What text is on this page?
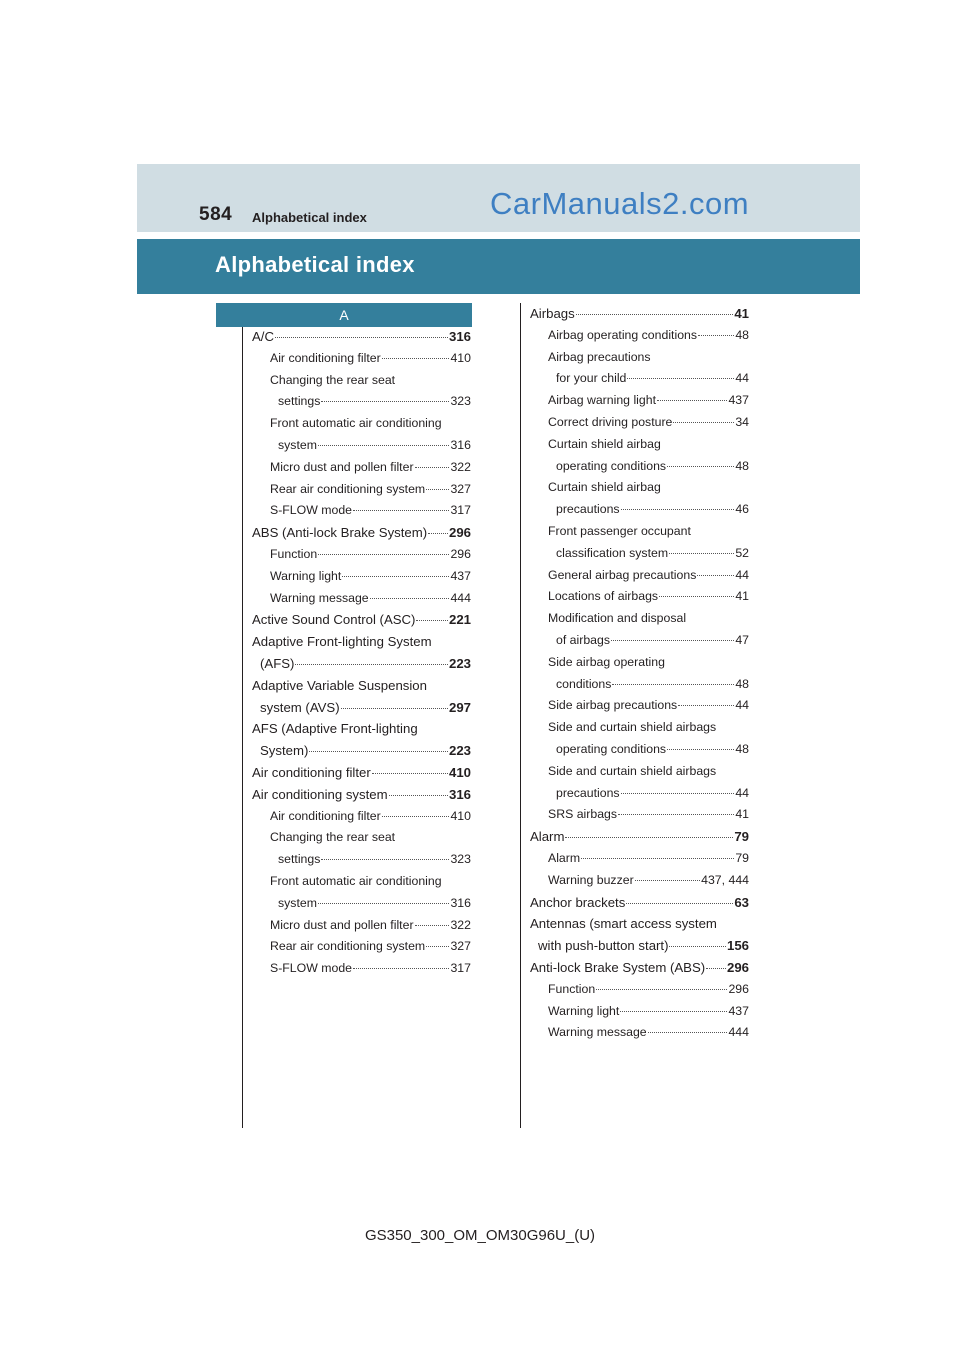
584 Alphabetical index	CarManuals2.com
Alphabetical index
A
A/C	316
Air conditioning filter	410
Changing the rear seat
settings	323
Front automatic air conditioning
system	316
Micro dust and pollen filter	322
Rear air conditioning system 327
S-FLOW mode	317
ABS (Anti-lock Brake System) 296
Function	296
Warning light	437
Warning message	444
Active Sound Control (ASC)	221
Adaptive Front-lighting System
(AFS)	223
Adaptive Variable Suspension
system (AVS)	297
AFS (Adaptive Front-lighting
System)	223
Air conditioning filter	410
Air conditioning system	316
Air conditioning filter	410
Changing the rear seat
settings	323
Front automatic air conditioning
system	316
Micro dust and pollen filter	322
Rear air conditioning system 327
S-FLOW mode	317
Airbags	41
Airbag operating conditions	48
Airbag precautions
for your child	44
Airbag warning light	437
Correct driving posture	34
Curtain shield airbag
operating conditions	48
Curtain shield airbag
precautions	46
Front passenger occupant
classification system	52
General airbag precautions	44
Locations of airbags	41
Modification and disposal
of airbags	47
Side airbag operating
conditions	48
Side airbag precautions	44
Side and curtain shield airbags
operating conditions	48
Side and curtain shield airbags
precautions	44
SRS airbags	41
Alarm	79
Alarm	79
Warning buzzer	437, 444
Anchor brackets	63
Antennas (smart access system
with push-button start)	156
Anti-lock Brake System (ABS) 296
Function	296
Warning light	437
Warning message	444
GS350_300_OM_OM30G96U_(U)
